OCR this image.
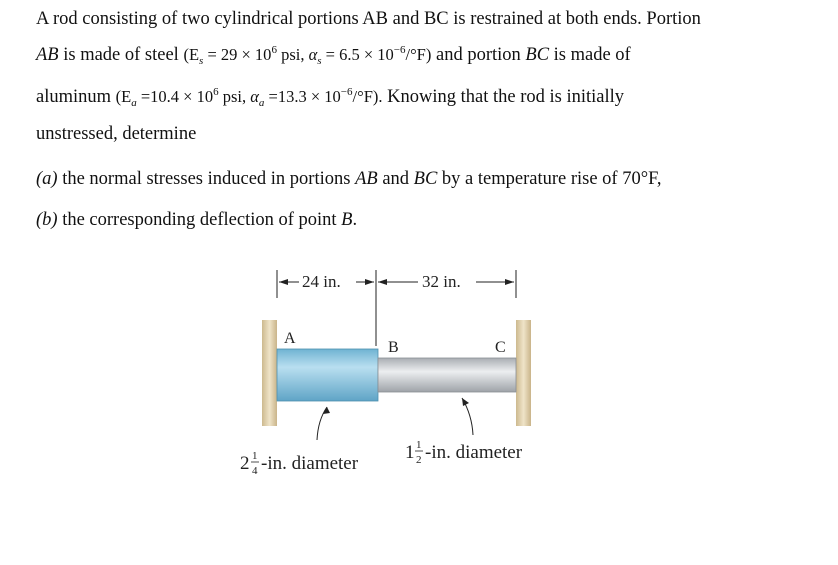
A rod consisting of two cylindrical portions AB and BC is restrained at both ends. Portion
AB is made of steel ($E_s = 29 \times 10^6$ psi, $\alpha_s = 6.5 \times 10^{-6}/^\circ F$) and portion BC is made of
aluminum ($E_a =10.4 \times 10^6$ psi, $\alpha_a =13.3 \times 10^{-6}/^\circ F$). Knowing that the rod is initially
unstressed, determine
(a) the normal stresses induced in portions AB and BC by a temperature rise of 70°F,
(b) the corresponding deflection of point B.
24 in.	32 in.
A
B	C
2 1
4 -in. diameter
1 1
2 -in. diameter
